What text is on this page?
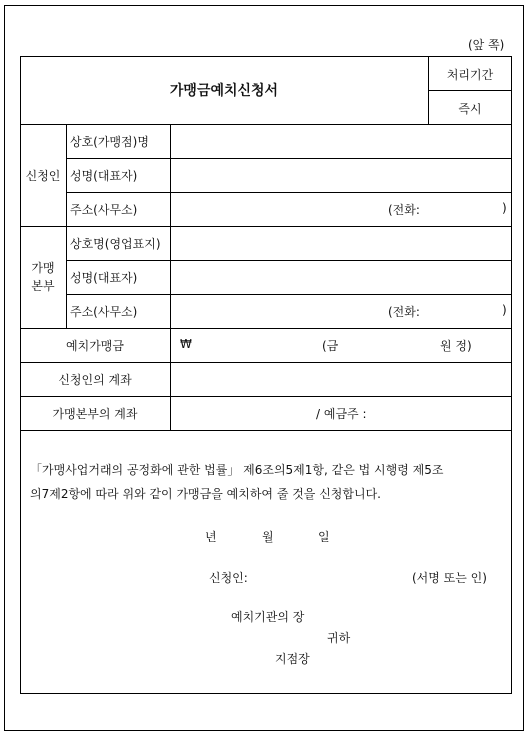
(앞 쪽)
가맹금예치신청서
처리기간
즉시
신청인
상호(가맹점)명
성명(대표자)
주소(사무소)	(전화:	)
가맹
본부
상호명(영업표지)
성명(대표자)
주소(사무소)	(전화:	)
예치가맹금	₩	(금	원 정)
신청인의 계좌
가맹본부의 계좌	/ 예금주 :
「가맹사업거래의 공정화에 관한 법률」 제6조의5제1항, 같은 법 시행령 제5조
의7제2항에 따라 위와 같이 가맹금을 예치하여 줄 것을 신청합니다.
년	월	일
신청인:	(서명 또는 인)
예치기관의 장
귀하
지점장
